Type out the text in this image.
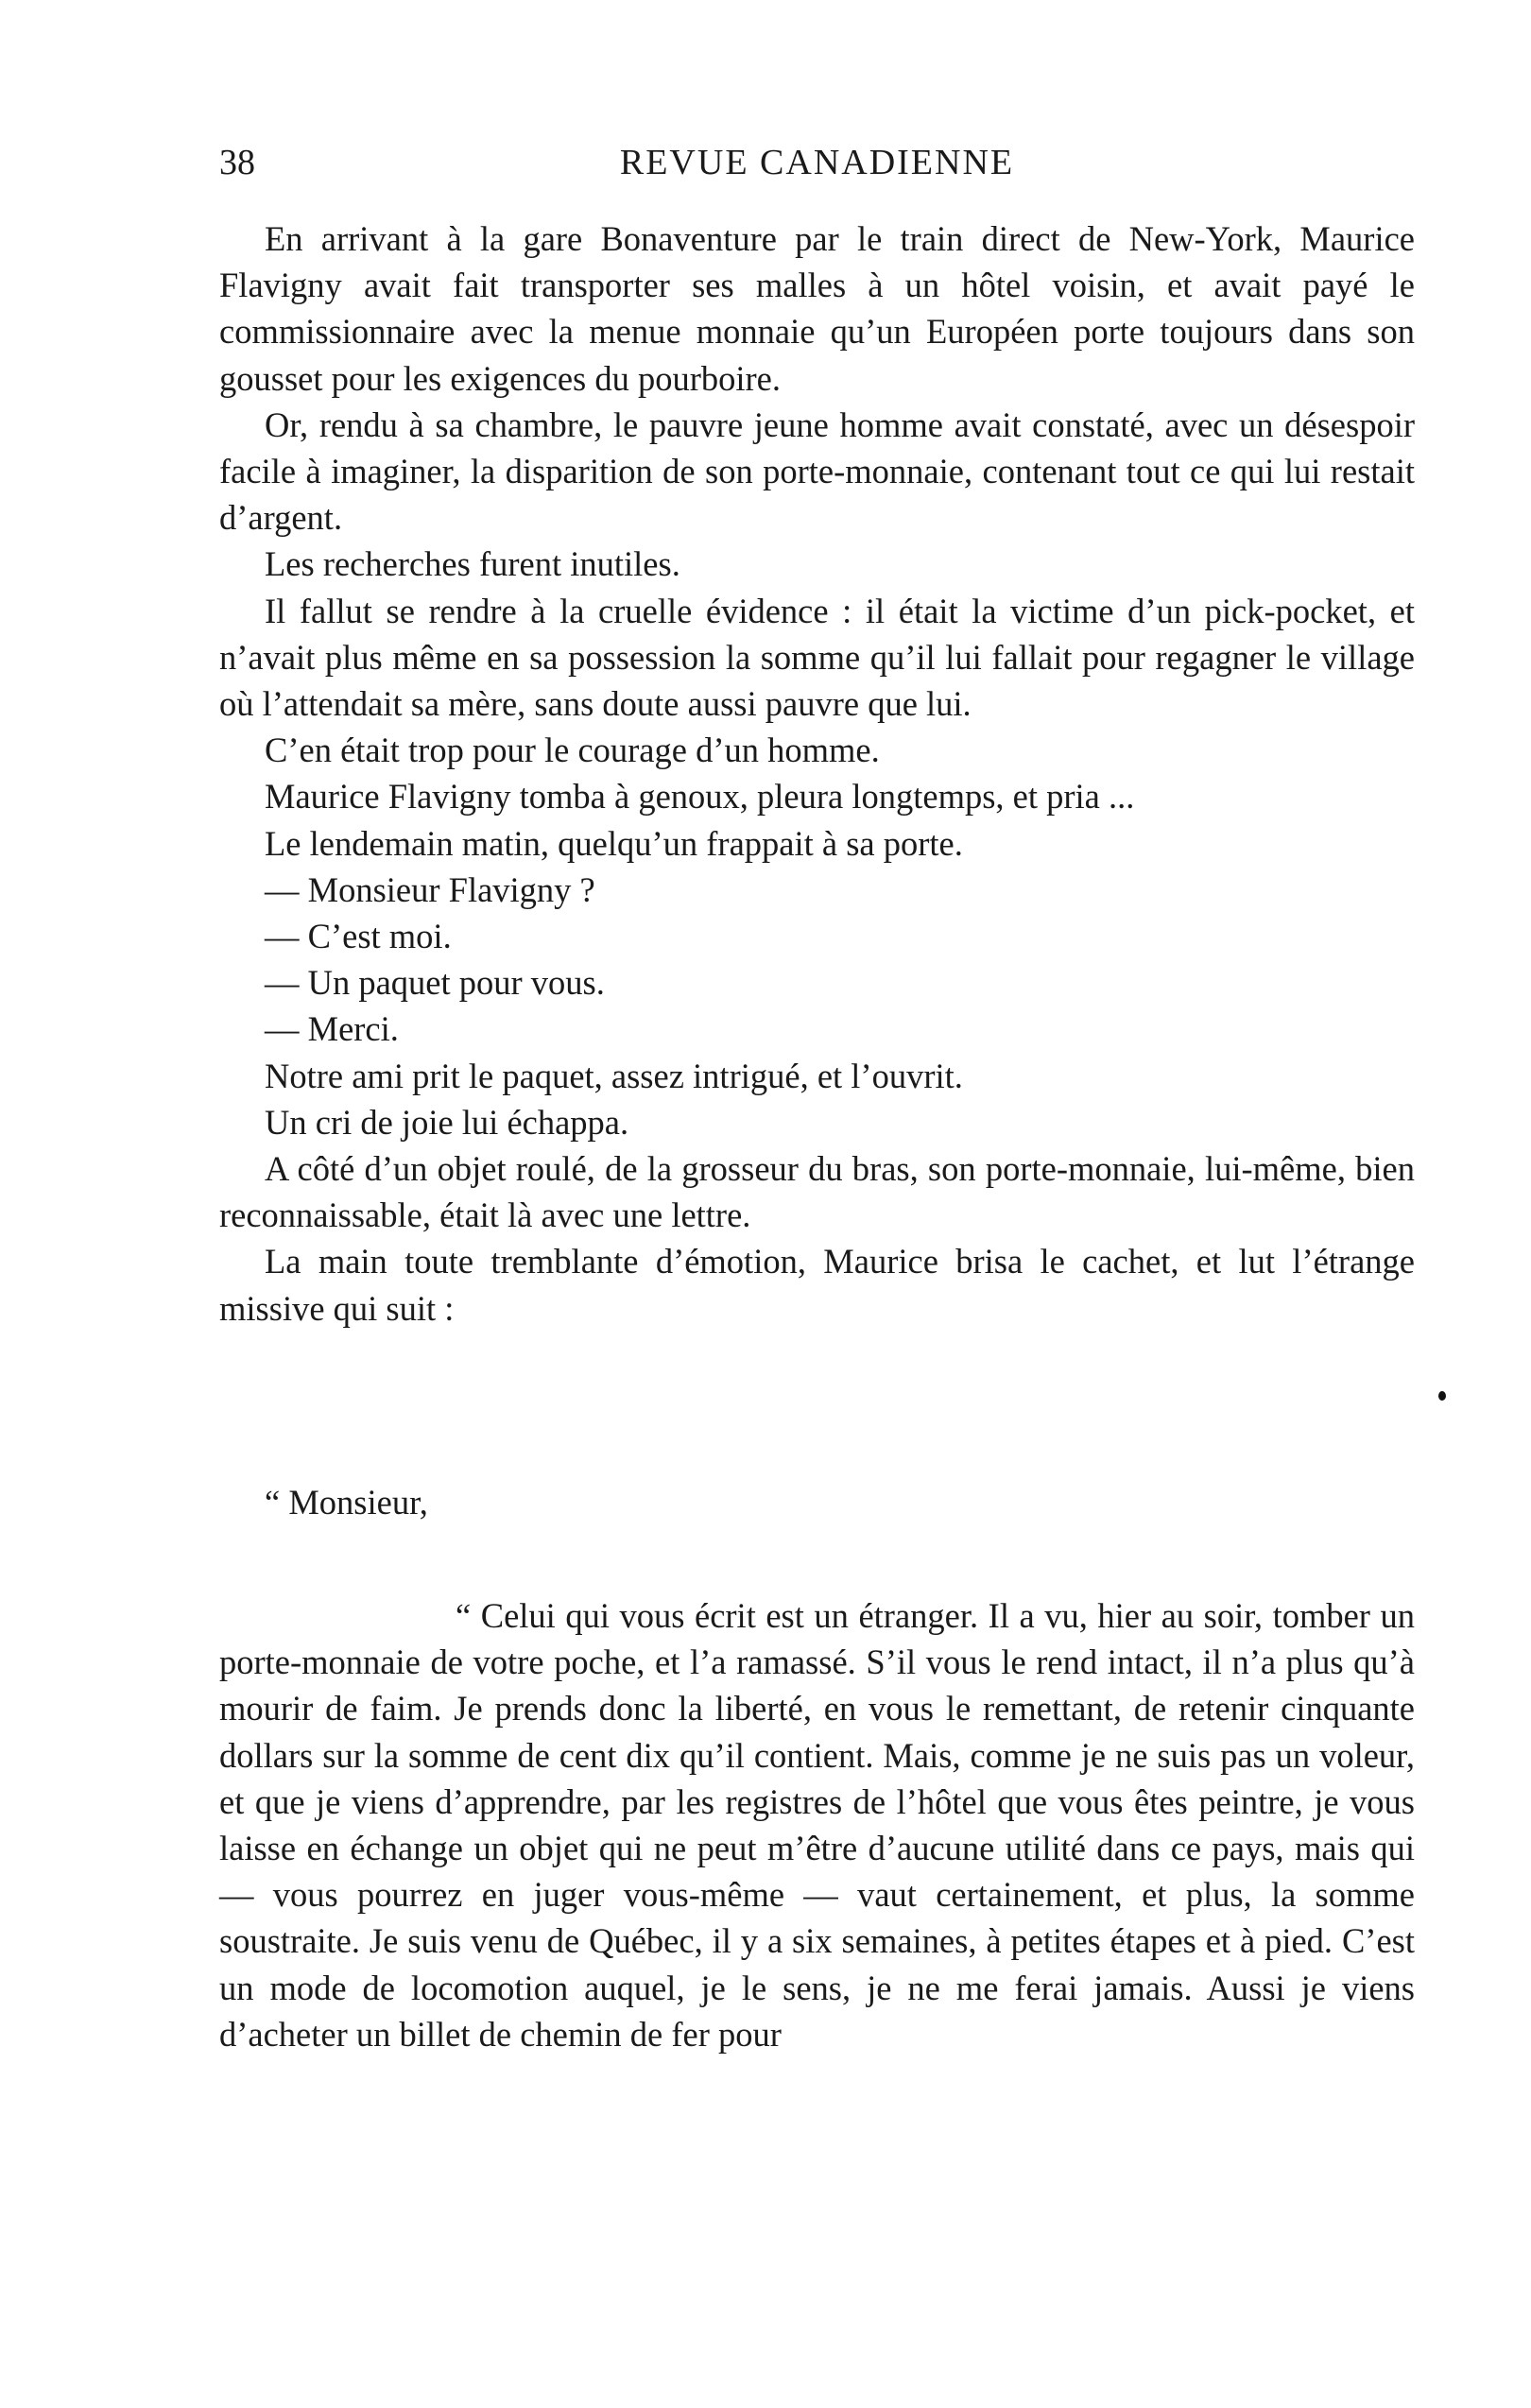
38	REVUE CANADIENNE

En arrivant à la gare Bonaventure par le train direct de New-York, Maurice Flavigny avait fait transporter ses malles à un hôtel voisin, et avait payé le commissionnaire avec la menue monnaie qu’un Européen porte toujours dans son gousset pour les exigences du pourboire.

Or, rendu à sa chambre, le pauvre jeune homme avait constaté, avec un désespoir facile à imaginer, la disparition de son porte-monnaie, contenant tout ce qui lui restait d’argent.

Les recherches furent inutiles.

Il fallut se rendre à la cruelle évidence : il était la victime d’un pick-pocket, et n’avait plus même en sa possession la somme qu’il lui fallait pour regagner le village où l’attendait sa mère, sans doute aussi pauvre que lui.

C’en était trop pour le courage d’un homme.

Maurice Flavigny tomba à genoux, pleura longtemps, et pria ...

Le lendemain matin, quelqu’un frappait à sa porte.

— Monsieur Flavigny ?

— C’est moi.

— Un paquet pour vous.

— Merci.

Notre ami prit le paquet, assez intrigué, et l’ouvrit.

Un cri de joie lui échappa.

A côté d’un objet roulé, de la grosseur du bras, son porte-monnaie, lui-même, bien reconnaissable, était là avec une lettre.

La main toute tremblante d’émotion, Maurice brisa le cachet, et lut l’étrange missive qui suit :

“ Monsieur,

“ Celui qui vous écrit est un étranger. Il a vu, hier au soir, tomber un porte-monnaie de votre poche, et l’a ramassé. S’il vous le rend intact, il n’a plus qu’à mourir de faim. Je prends donc la liberté, en vous le remettant, de retenir cinquante dollars sur la somme de cent dix qu’il contient. Mais, comme je ne suis pas un voleur, et que je viens d’apprendre, par les registres de l’hôtel que vous êtes peintre, je vous laisse en échange un objet qui ne peut m’être d’aucune utilité dans ce pays, mais qui — vous pourrez en juger vous-même — vaut certainement, et plus, la somme soustraite. Je suis venu de Québec, il y a six semaines, à petites étapes et à pied. C’est un mode de locomotion auquel, je le sens, je ne me ferai jamais. Aussi je viens d’acheter un billet de chemin de fer pour
